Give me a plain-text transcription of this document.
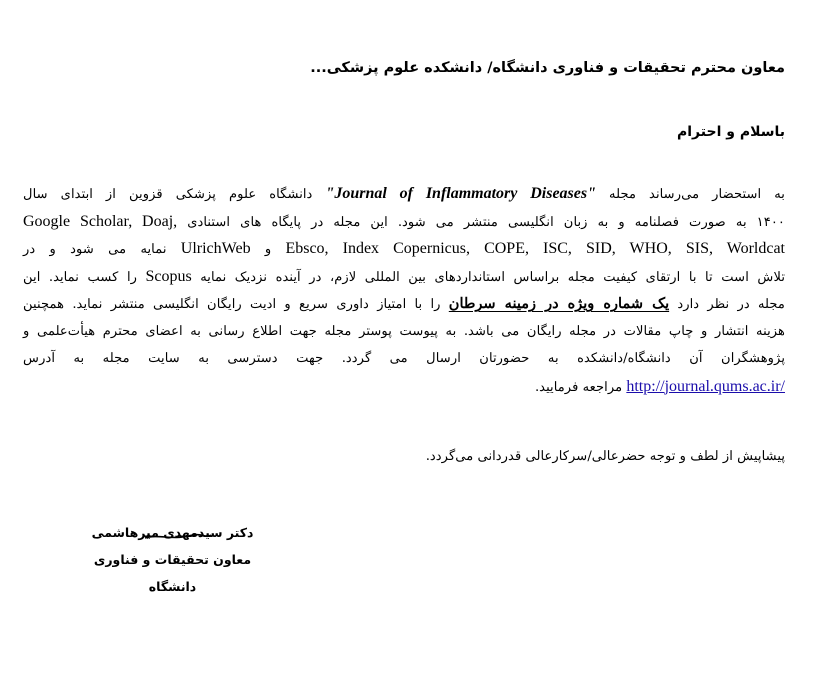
معاون محترم تحقیقات و فناوری دانشگاه/ دانشکده علوم پزشکی...
باسلام و احترام
به استحضار می‌رساند مجله "Journal of Inflammatory Diseases" دانشگاه علوم پزشکی قزوین از ابتدای سال
۱۴۰۰ به صورت فصلنامه و به زبان انگلیسی منتشر می شود. این مجله در پایگاه های استنادی Google Scholar, Doaj,
Ebsco, Index Copernicus, COPE, ISC, SID, WHO, SIS, Worldcat و UlrichWeb نمایه می شود و در
تلاش است تا با ارتقای کیفیت مجله براساس استانداردهای بین المللی لازم، در آینده نزدیک نمایه Scopus را کسب نماید. این
مجله در نظر دارد یک شماره ویژه در زمینه سرطان را با امتیاز داوری سریع و ادیت رایگان انگلیسی منتشر نماید. همچنین
هزینه انتشار و چاپ مقالات در مجله رایگان می باشد. به پیوست پوستر مجله جهت اطلاع رسانی به اعضای محترم هیأت‌علمی و
پژوهشگران آن دانشگاه/دانشکده به حضورتان ارسال می گردد. جهت دسترسی به سایت مجله به آدرس
http://journal.qums.ac.ir/ مراجعه فرمایید.
پیشاپیش از لطف و توجه حضرعالی/سرکارعالی قدردانی می‌گردد.
دکتر سیدمهدی میرهاشمی
معاون تحقیقات و فناوری دانشگاه
